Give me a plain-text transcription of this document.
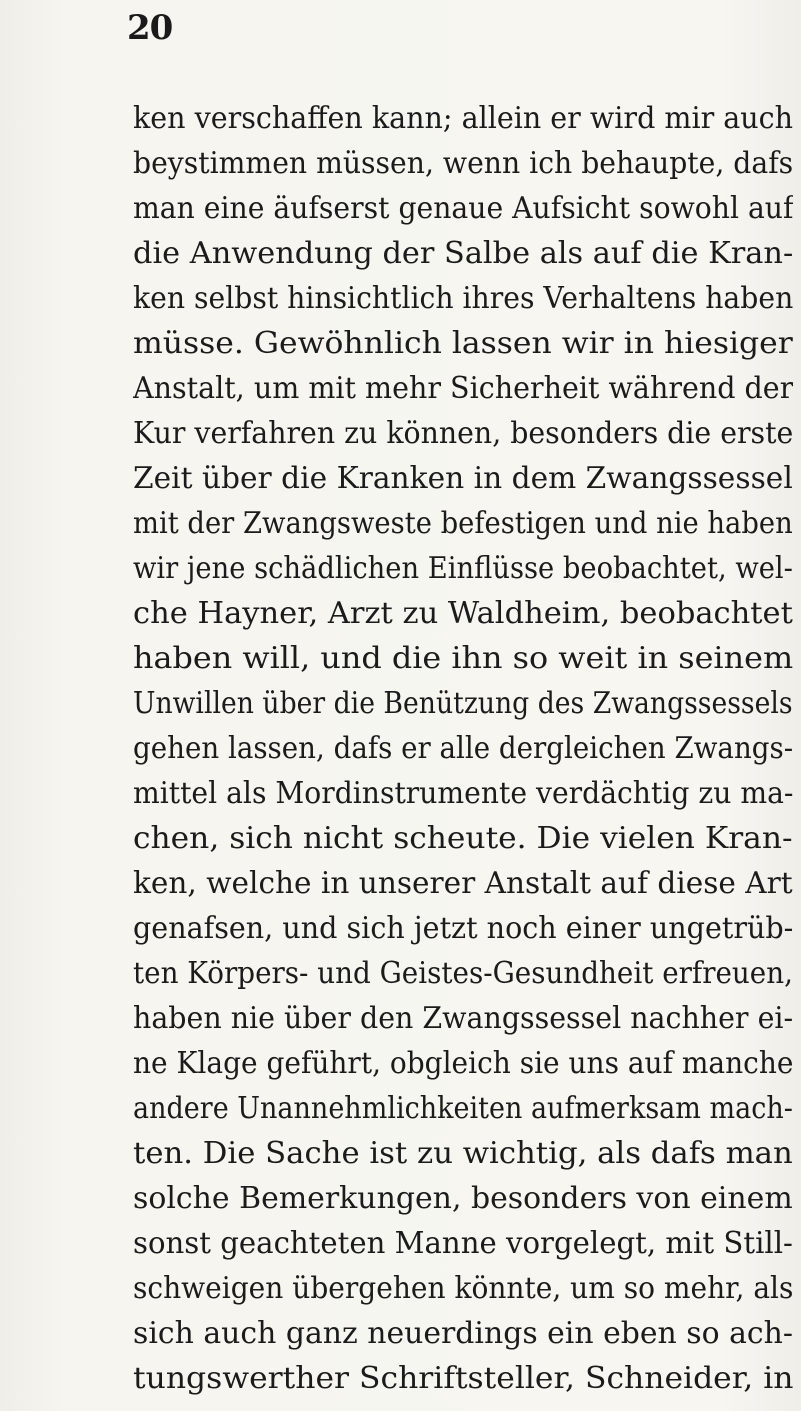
20
ken verschaffen kann; allein er wird mir auch
beystimmen müssen, wenn ich behaupte, dafs
man eine äufserst genaue Aufsicht sowohl auf
die Anwendung der Salbe als auf die Kran-
ken selbst hinsichtlich ihres Verhaltens haben
müsse. Gewöhnlich lassen wir in hiesiger
Anstalt, um mit mehr Sicherheit während der
Kur verfahren zu können, besonders die erste
Zeit über die Kranken in dem Zwangssessel
mit der Zwangsweste befestigen und nie haben
wir jene schädlichen Einflüsse beobachtet, wel-
che Hayner, Arzt zu Waldheim, beobachtet
haben will, und die ihn so weit in seinem
Unwillen über die Benützung des Zwangssessels
gehen lassen, dafs er alle dergleichen Zwangs-
mittel als Mordinstrumente verdächtig zu ma-
chen, sich nicht scheute. Die vielen Kran-
ken, welche in unserer Anstalt auf diese Art
genafsen, und sich jetzt noch einer ungetrüb-
ten Körpers- und Geistes-Gesundheit erfreuen,
haben nie über den Zwangssessel nachher ei-
ne Klage geführt, obgleich sie uns auf manche
andere Unannehmlichkeiten aufmerksam mach-
ten. Die Sache ist zu wichtig, als dafs man
solche Bemerkungen, besonders von einem
sonst geachteten Manne vorgelegt, mit Still-
schweigen übergehen könnte, um so mehr, als
sich auch ganz neuerdings ein eben so ach-
tungswerther Schriftsteller, Schneider, in
